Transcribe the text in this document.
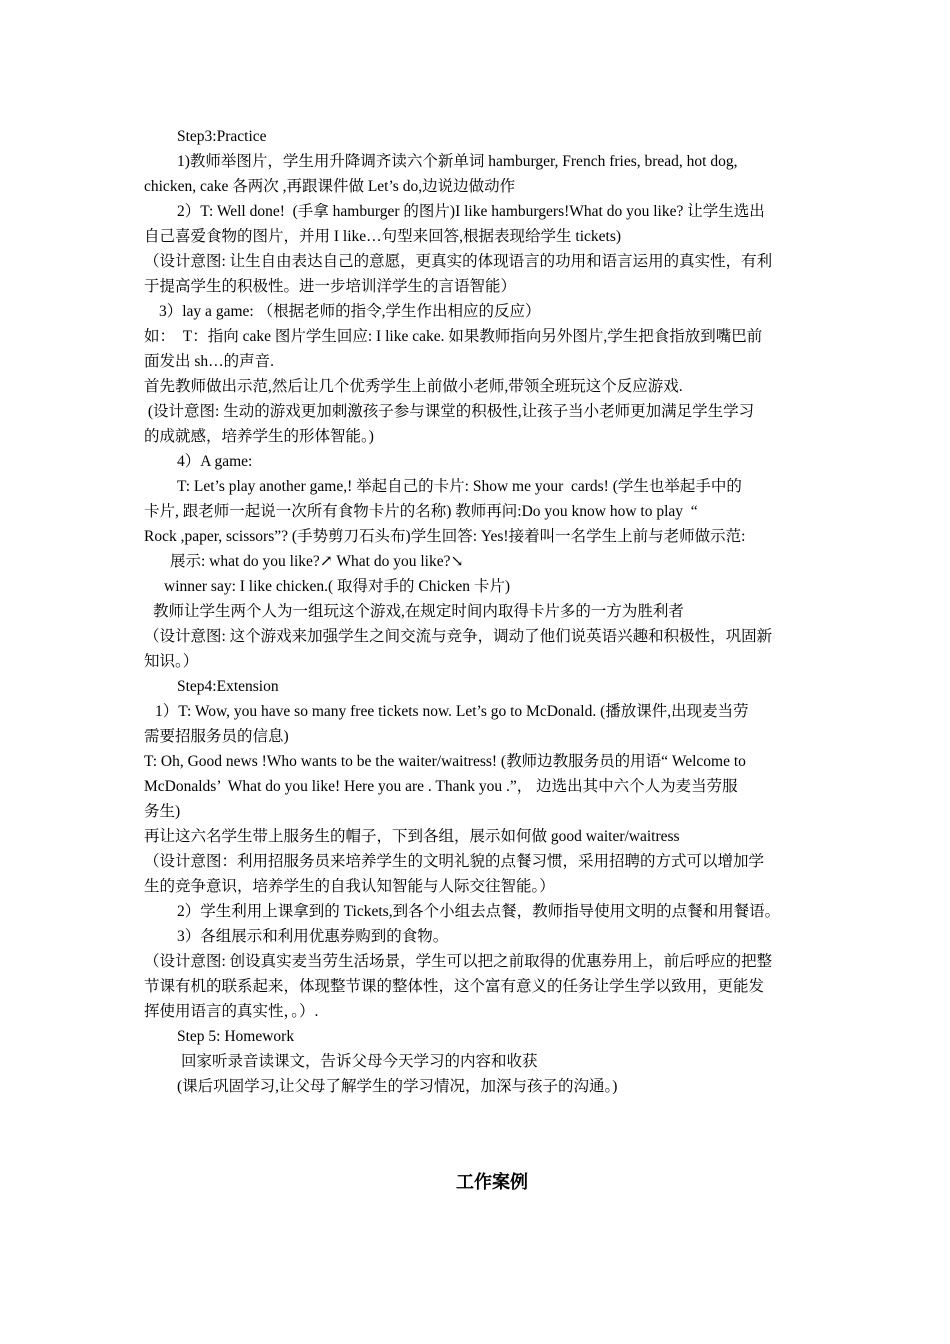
Step3:Practice
1)教师举图片，学生用升降调齐读六个新单词 hamburger, French fries, bread, hot dog,
chicken, cake 各两次 ,再跟课件做 Let’s do,边说边做动作
2）T: Well done!  (手拿 hamburger 的图片)I like hamburgers!What do you like? 让学生选出
自己喜爱食物的图片，并用 I like…句型来回答,根据表现给学生 tickets)
（设计意图: 让生自由表达自己的意愿，更真实的体现语言的功用和语言运用的真实性，有利
于提高学生的积极性。进一步培训洋学生的言语智能）
3）lay a game: （根据老师的指令,学生作出相应的反应）
如：  T：指向 cake 图片学生回应: I like cake. 如果教师指向另外图片,学生把食指放到嘴巴前
面发出 sh…的声音.
首先教师做出示范,然后让几个优秀学生上前做小老师,带领全班玩这个反应游戏.
(设计意图: 生动的游戏更加刺激孩子参与课堂的积极性,让孩子当小老师更加满足学生学习
的成就感，培养学生的形体智能。)
4）A game:
T: Let’s play another game,! 举起自己的卡片: Show me your  cards! (学生也举起手中的
卡片, 跟老师一起说一次所有食物卡片的名称) 教师再问:Do you know how to play  “
Rock ,paper, scissors”? (手势剪刀石头布)学生回答: Yes!接着叫一名学生上前与老师做示范:
展示: what do you like?↗ What do you like?↘
winner say: I like chicken.( 取得对手的 Chicken 卡片)
教师让学生两个人为一组玩这个游戏,在规定时间内取得卡片多的一方为胜利者
（设计意图: 这个游戏来加强学生之间交流与竞争，调动了他们说英语兴趣和积极性，巩固新
知识。）
Step4:Extension
1）T: Wow, you have so many free tickets now. Let’s go to McDonald. (播放课件,出现麦当劳
需要招服务员的信息)
T: Oh, Good news !Who wants to be the waiter/waitress! (教师边教服务员的用语“ Welcome to
McDonalds’  What do you like! Here you are . Thank you .”， 边选出其中六个人为麦当劳服
务生)
再让这六名学生带上服务生的帽子，下到各组，展示如何做 good waiter/waitress
（设计意图：利用招服务员来培养学生的文明礼貌的点餐习惯，采用招聘的方式可以增加学
生的竞争意识，培养学生的自我认知智能与人际交往智能。）
2）学生利用上课拿到的 Tickets,到各个小组去点餐，教师指导使用文明的点餐和用餐语。
3）各组展示和利用优惠券购到的食物。
（设计意图: 创设真实麦当劳生活场景，学生可以把之前取得的优惠券用上，前后呼应的把整
节课有机的联系起来，体现整节课的整体性，这个富有意义的任务让学生学以致用，更能发
挥使用语言的真实性，。）.
Step 5: Homework
回家听录音读课文，告诉父母今天学习的内容和收获
(课后巩固学习,让父母了解学生的学习情况，加深与孩子的沟通。)
工作案例
